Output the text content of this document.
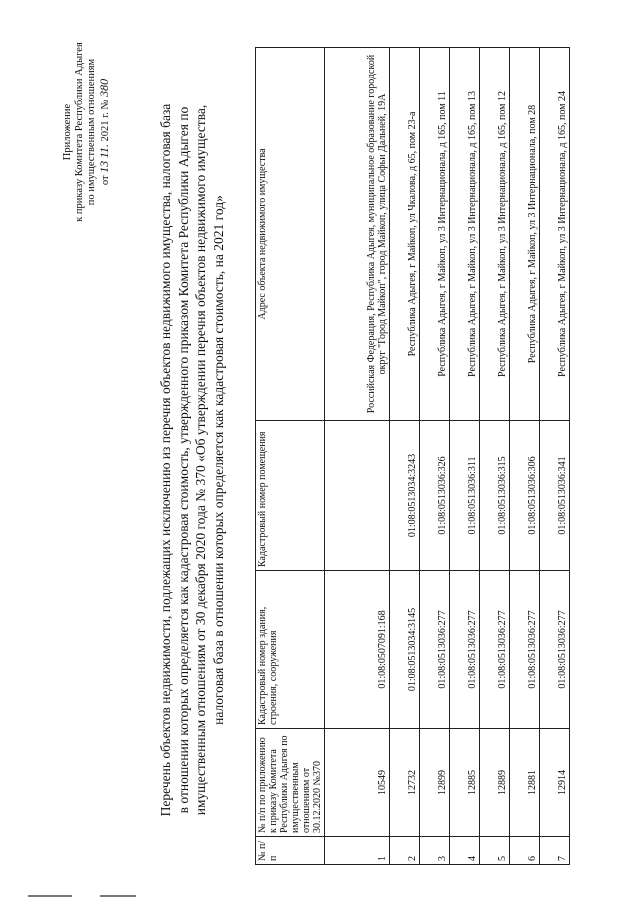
Приложение к приказу Комитета Республики Адыгея по имущественным отношениям от 13 11. 2021 г. № 380
Перечень объектов недвижимости, подлежащих исключению из перечня объектов недвижимого имущества, налоговая база в отношении которых определяется как кадастровая стоимость, утвержденного приказом Комитета Республики Адыгея по имущественным отношениям от 30 декабря 2020 года № 370 «Об утверждении перечня объектов недвижимого имущества, налоговая база в отношении которых определяется как кадастровая стоимость, на 2021 год»
№ п/п	№ п/п по приложению к приказу Комитета Республики Адыгея по имущественным отношениям от 30.12.2020 №370	Кадастровый номер здания, строения, сооружения	Кадастровый номер помещения	Адрес объекта недвижимого имущества
1	10549	01:08:0507091:168		Российская Федерация, Республика Адыгея, муниципальное образование городской округ "Город Майкоп", город Майкоп, улица Софьи Дальней, 19А
2	12732	01:08:0513034:3145	01:08:0513034:3243	Республика Адыгея, г Майкоп, ул Чкалова, д 65, пом 23-а
3	12899	01:08:0513036:277	01:08:0513036:326	Республика Адыгея, г Майкоп, ул 3 Интернационала, д 165, пом 11
4	12885	01:08:0513036:277	01:08:0513036:311	Республика Адыгея, г Майкоп, ул 3 Интернационала, д 165, пом 13
5	12889	01:08:0513036:277	01:08:0513036:315	Республика Адыгея, г Майкоп, ул 3 Интернационала, д 165, пом 12
6	12881	01:08:0513036:277	01:08:0513036:306	Республика Адыгея, г Майкоп, ул 3 Интернационала, пом 28
7	12914	01:08:0513036:277	01:08:0513036:341	Республика Адыгея, г Майкоп, ул 3 Интернационала, д 165, пом 24
